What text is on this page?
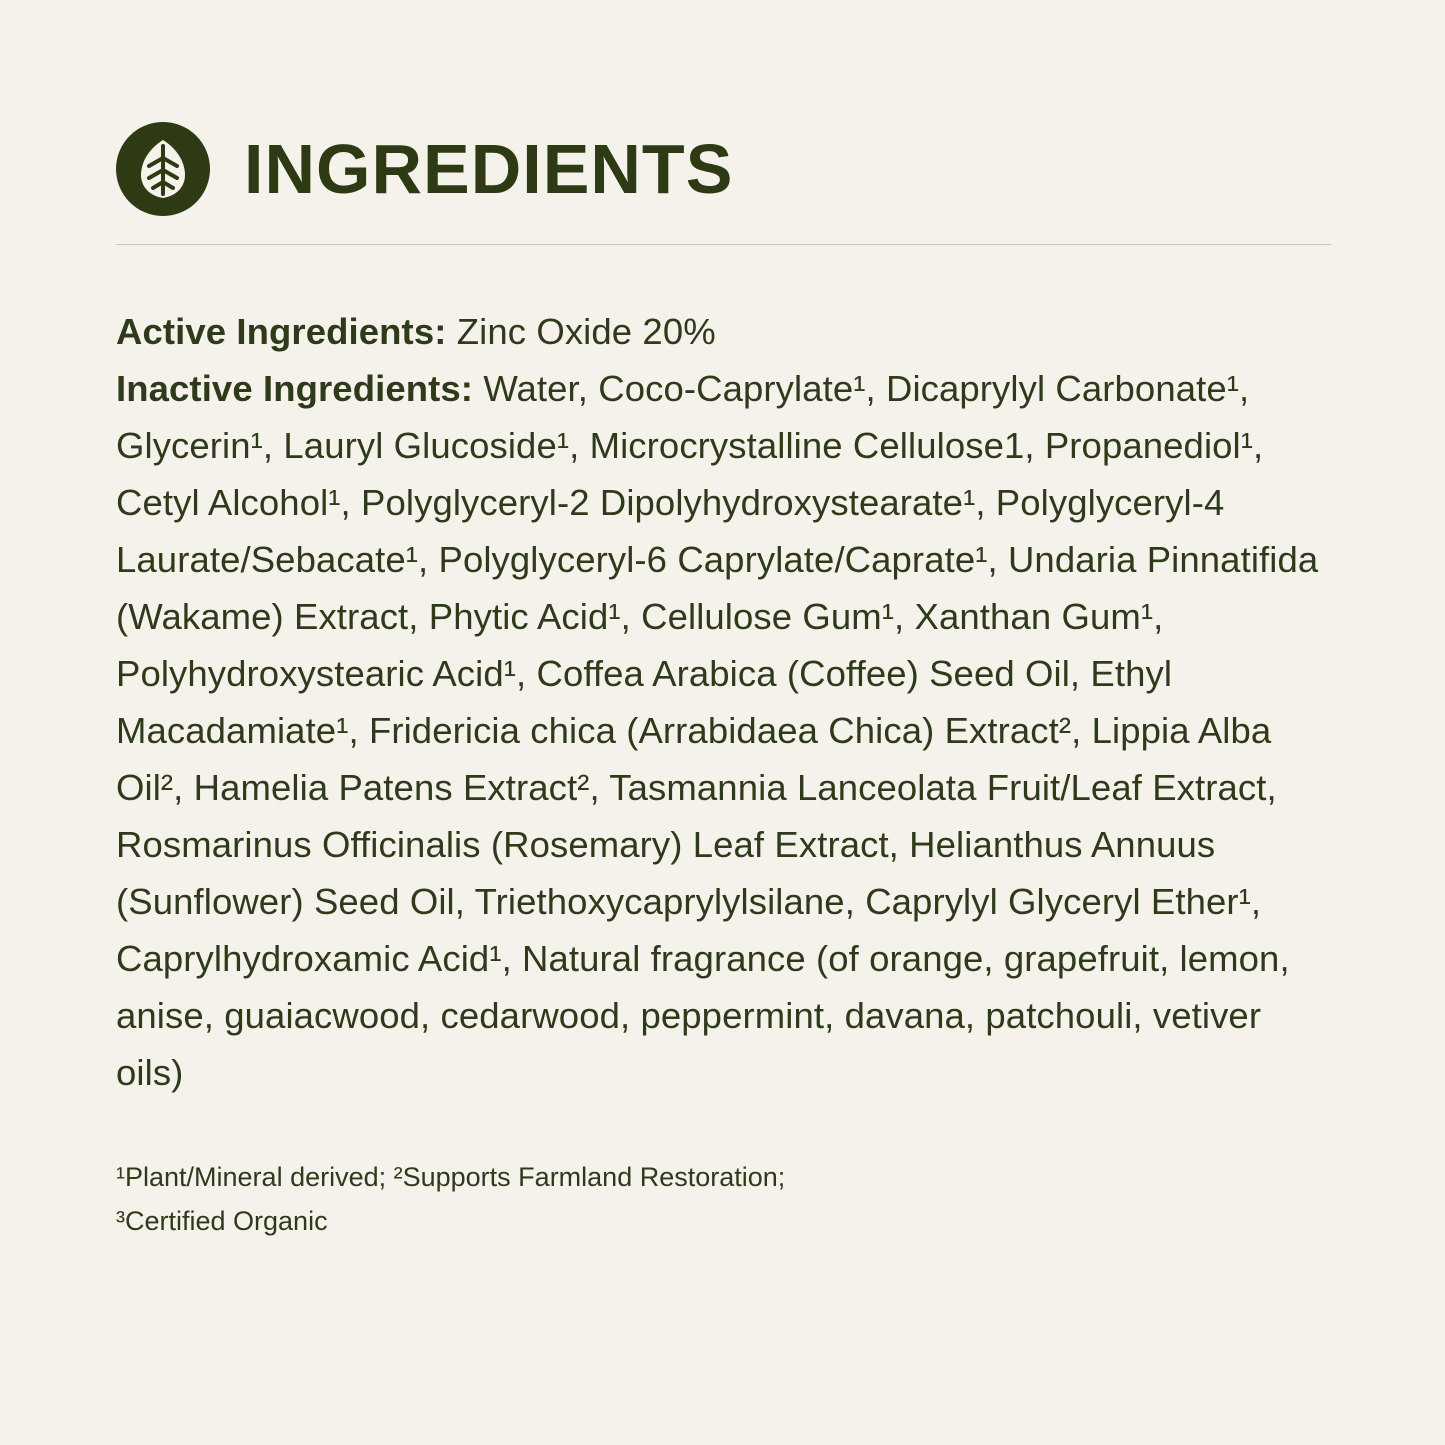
INGREDIENTS

Active Ingredients: Zinc Oxide 20%

Inactive Ingredients: Water, Coco-Caprylate¹, Dicaprylyl Carbonate¹, Glycerin¹, Lauryl Glucoside¹, Microcrystalline Cellulose1, Propanediol¹, Cetyl Alcohol¹, Polyglyceryl-2 Dipolyhydroxystearate¹, Polyglyceryl-4 Laurate/Sebacate¹, Polyglyceryl-6 Caprylate/Caprate¹, Undaria Pinnatifida (Wakame) Extract, Phytic Acid¹, Cellulose Gum¹, Xanthan Gum¹, Polyhydroxystearic Acid¹, Coffea Arabica (Coffee) Seed Oil, Ethyl Macadamiate¹, Fridericia chica (Arrabidaea Chica) Extract², Lippia Alba Oil², Hamelia Patens Extract², Tasmannia Lanceolata Fruit/Leaf Extract, Rosmarinus Officinalis (Rosemary) Leaf Extract, Helianthus Annuus (Sunflower) Seed Oil, Triethoxycaprylylsilane, Caprylyl Glyceryl Ether¹, Caprylhydroxamic Acid¹, Natural fragrance (of orange, grapefruit, lemon, anise, guaiacwood, cedarwood, peppermint, davana, patchouli, vetiver oils)

¹Plant/Mineral derived; ²Supports Farmland Restoration;
³Certified Organic
